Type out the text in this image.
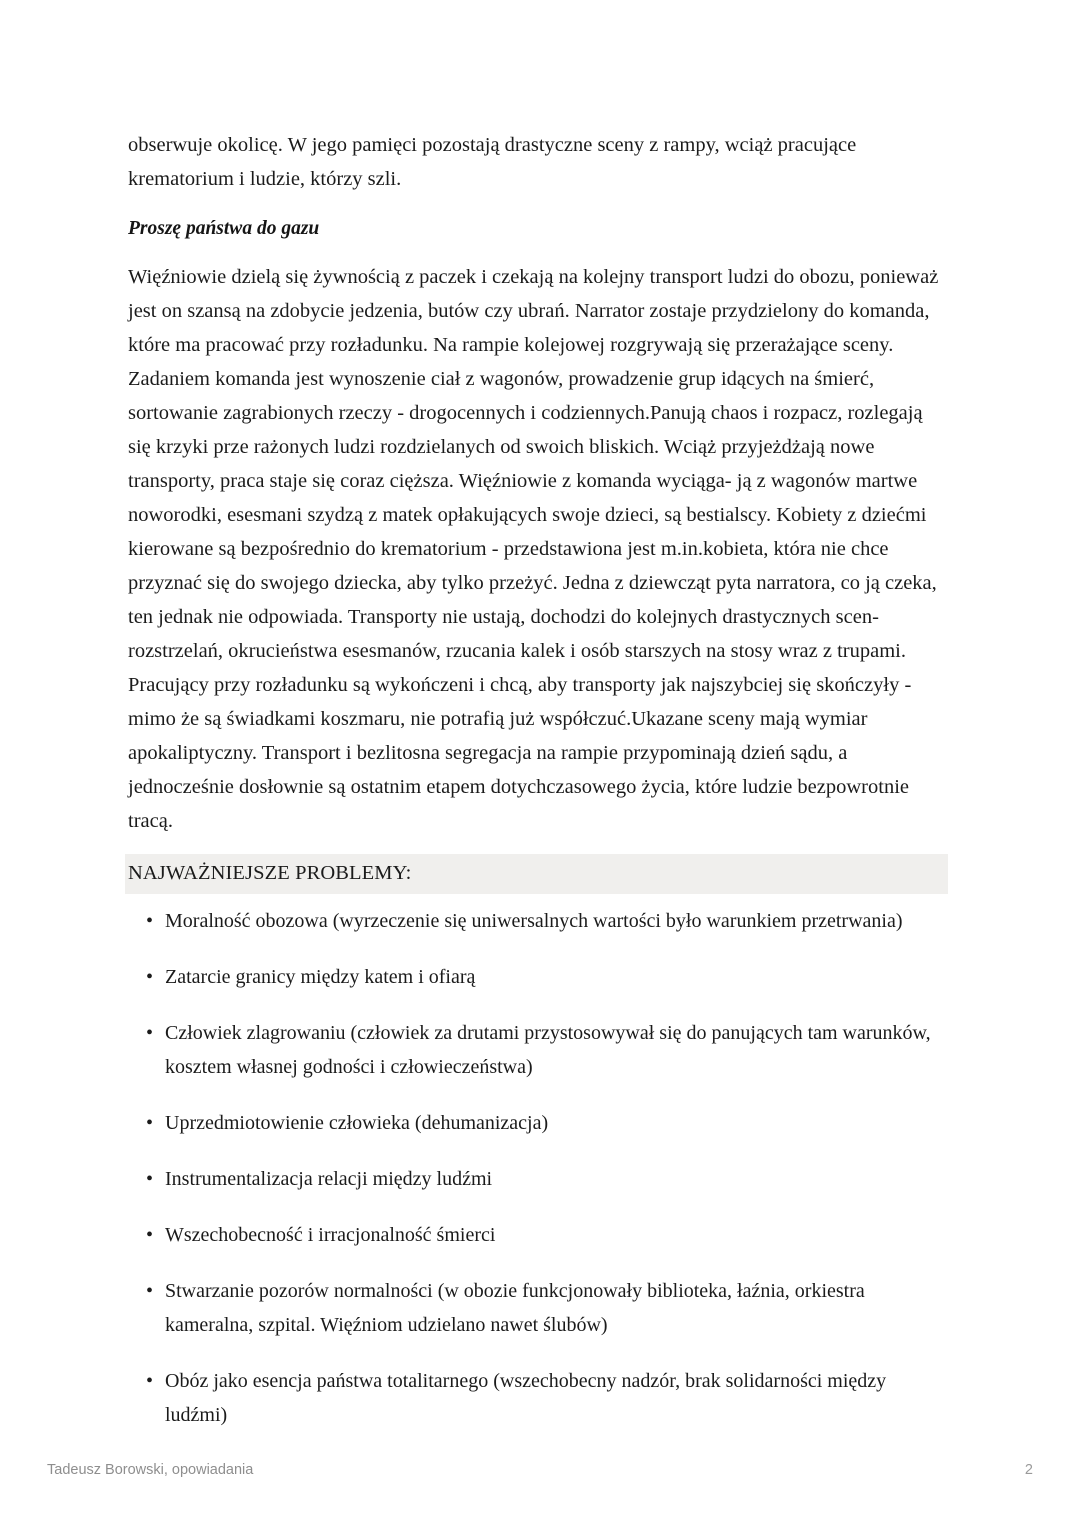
obserwuje okolicę. W jego pamięci pozostają drastyczne sceny z rampy, wciąż pracujące krematorium i ludzie, którzy szli.

Proszę państwa do gazu

Więźniowie dzielą się żywnością z paczek i czekają na kolejny transport ludzi do obozu, ponieważ jest on szansą na zdobycie jedzenia, butów czy ubrań. Narrator zostaje przydzielony do komanda, które ma pracować przy rozładunku. Na rampie kolejowej rozgrywają się przerażające sceny. Zadaniem komanda jest wynoszenie ciał z wagonów, prowadzenie grup idących na śmierć, sortowanie zagrabionych rzeczy - drogocennych i codziennych.Panują chaos i rozpacz, rozlegają się krzyki prze rażonych ludzi rozdzielanych od swoich bliskich. Wciąż przyjeżdżają nowe transporty, praca staje się coraz cięższa. Więźniowie z komanda wyciąga- ją z wagonów martwe noworodki, esesmani szydzą z matek opłakujących swoje dzieci, są bestialscy. Kobiety z dziećmi kierowane są bezpośrednio do krematorium - przedstawiona jest m.in.kobieta, która nie chce przyznać się do swojego dziecka, aby tylko przeżyć. Jedna z dziewcząt pyta narratora, co ją czeka, ten jednak nie odpowiada. Transporty nie ustają, dochodzi do kolejnych drastycznych scen- rozstrzelań, okrucieństwa esesmanów, rzucania kalek i osób starszych na stosy wraz z trupami. Pracujący przy rozładunku są wykończeni i chcą, aby transporty jak najszybciej się skończyły - mimo że są świadkami koszmaru, nie potrafią już współczuć.Ukazane sceny mają wymiar apokaliptyczny. Transport i bezlitosna segregacja na rampie przypominają dzień sądu, a jednocześnie dosłownie są ostatnim etapem dotychczasowego życia, które ludzie bezpowrotnie tracą.

NAJWAŻNIEJSZE PROBLEMY:
• Moralność obozowa (wyrzeczenie się uniwersalnych wartości było warunkiem przetrwania)
• Zatarcie granicy między katem i ofiarą
• Człowiek zlagrowaniu (człowiek za drutami przystosowywał się do panujących tam warunków, kosztem własnej godności i człowieczeństwa)
• Uprzedmiotowienie człowieka (dehumanizacja)
• Instrumentalizacja relacji między ludźmi
• Wszechobecność i irracjonalność śmierci
• Stwarzanie pozorów normalności (w obozie funkcjonowały biblioteka, łaźnia, orkiestra kameralna, szpital. Więźniom udzielano nawet ślubów)
• Obóz jako esencja państwa totalitarnego (wszechobecny nadzór, brak solidarności między ludźmi)
Tadeusz Borowski, opowiadania	2
